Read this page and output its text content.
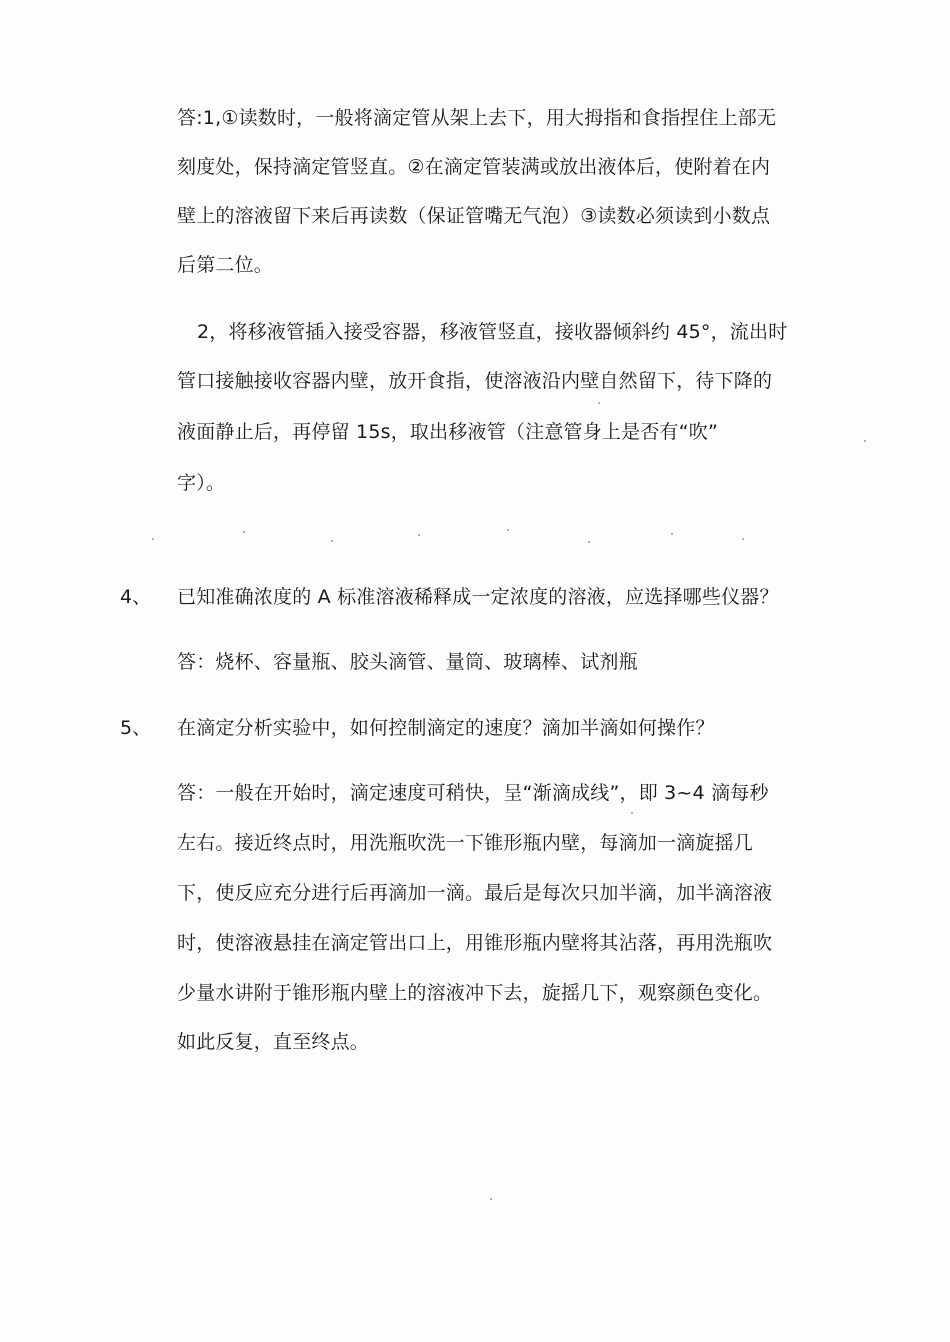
答:1,①读数时，一般将滴定管从架上去下，用大拇指和食指捏住上部无
刻度处，保持滴定管竖直。②在滴定管装满或放出液体后，使附着在内
壁上的溶液留下来后再读数（保证管嘴无气泡）③读数必须读到小数点
后第二位。
2，将移液管插入接受容器，移液管竖直，接收器倾斜约 45°，流出时
管口接触接收容器内壁，放开食指，使溶液沿内壁自然留下，待下降的
液面静止后，再停留 15s，取出移液管（注意管身上是否有“吹”
字）。
4、 已知准确浓度的 A 标准溶液稀释成一定浓度的溶液，应选择哪些仪器？
答：烧杯、容量瓶、胶头滴管、量筒、玻璃棒、试剂瓶
5、 在滴定分析实验中，如何控制滴定的速度？滴加半滴如何操作？
答：一般在开始时，滴定速度可稍快，呈“渐滴成线”，即 3~4 滴每秒
左右。接近终点时，用洗瓶吹洗一下锥形瓶内壁，每滴加一滴旋摇几
下，使反应充分进行后再滴加一滴。最后是每次只加半滴，加半滴溶液
时，使溶液悬挂在滴定管出口上，用锥形瓶内壁将其沾落，再用洗瓶吹
少量水讲附于锥形瓶内壁上的溶液冲下去，旋摇几下，观察颜色变化。
如此反复，直至终点。
